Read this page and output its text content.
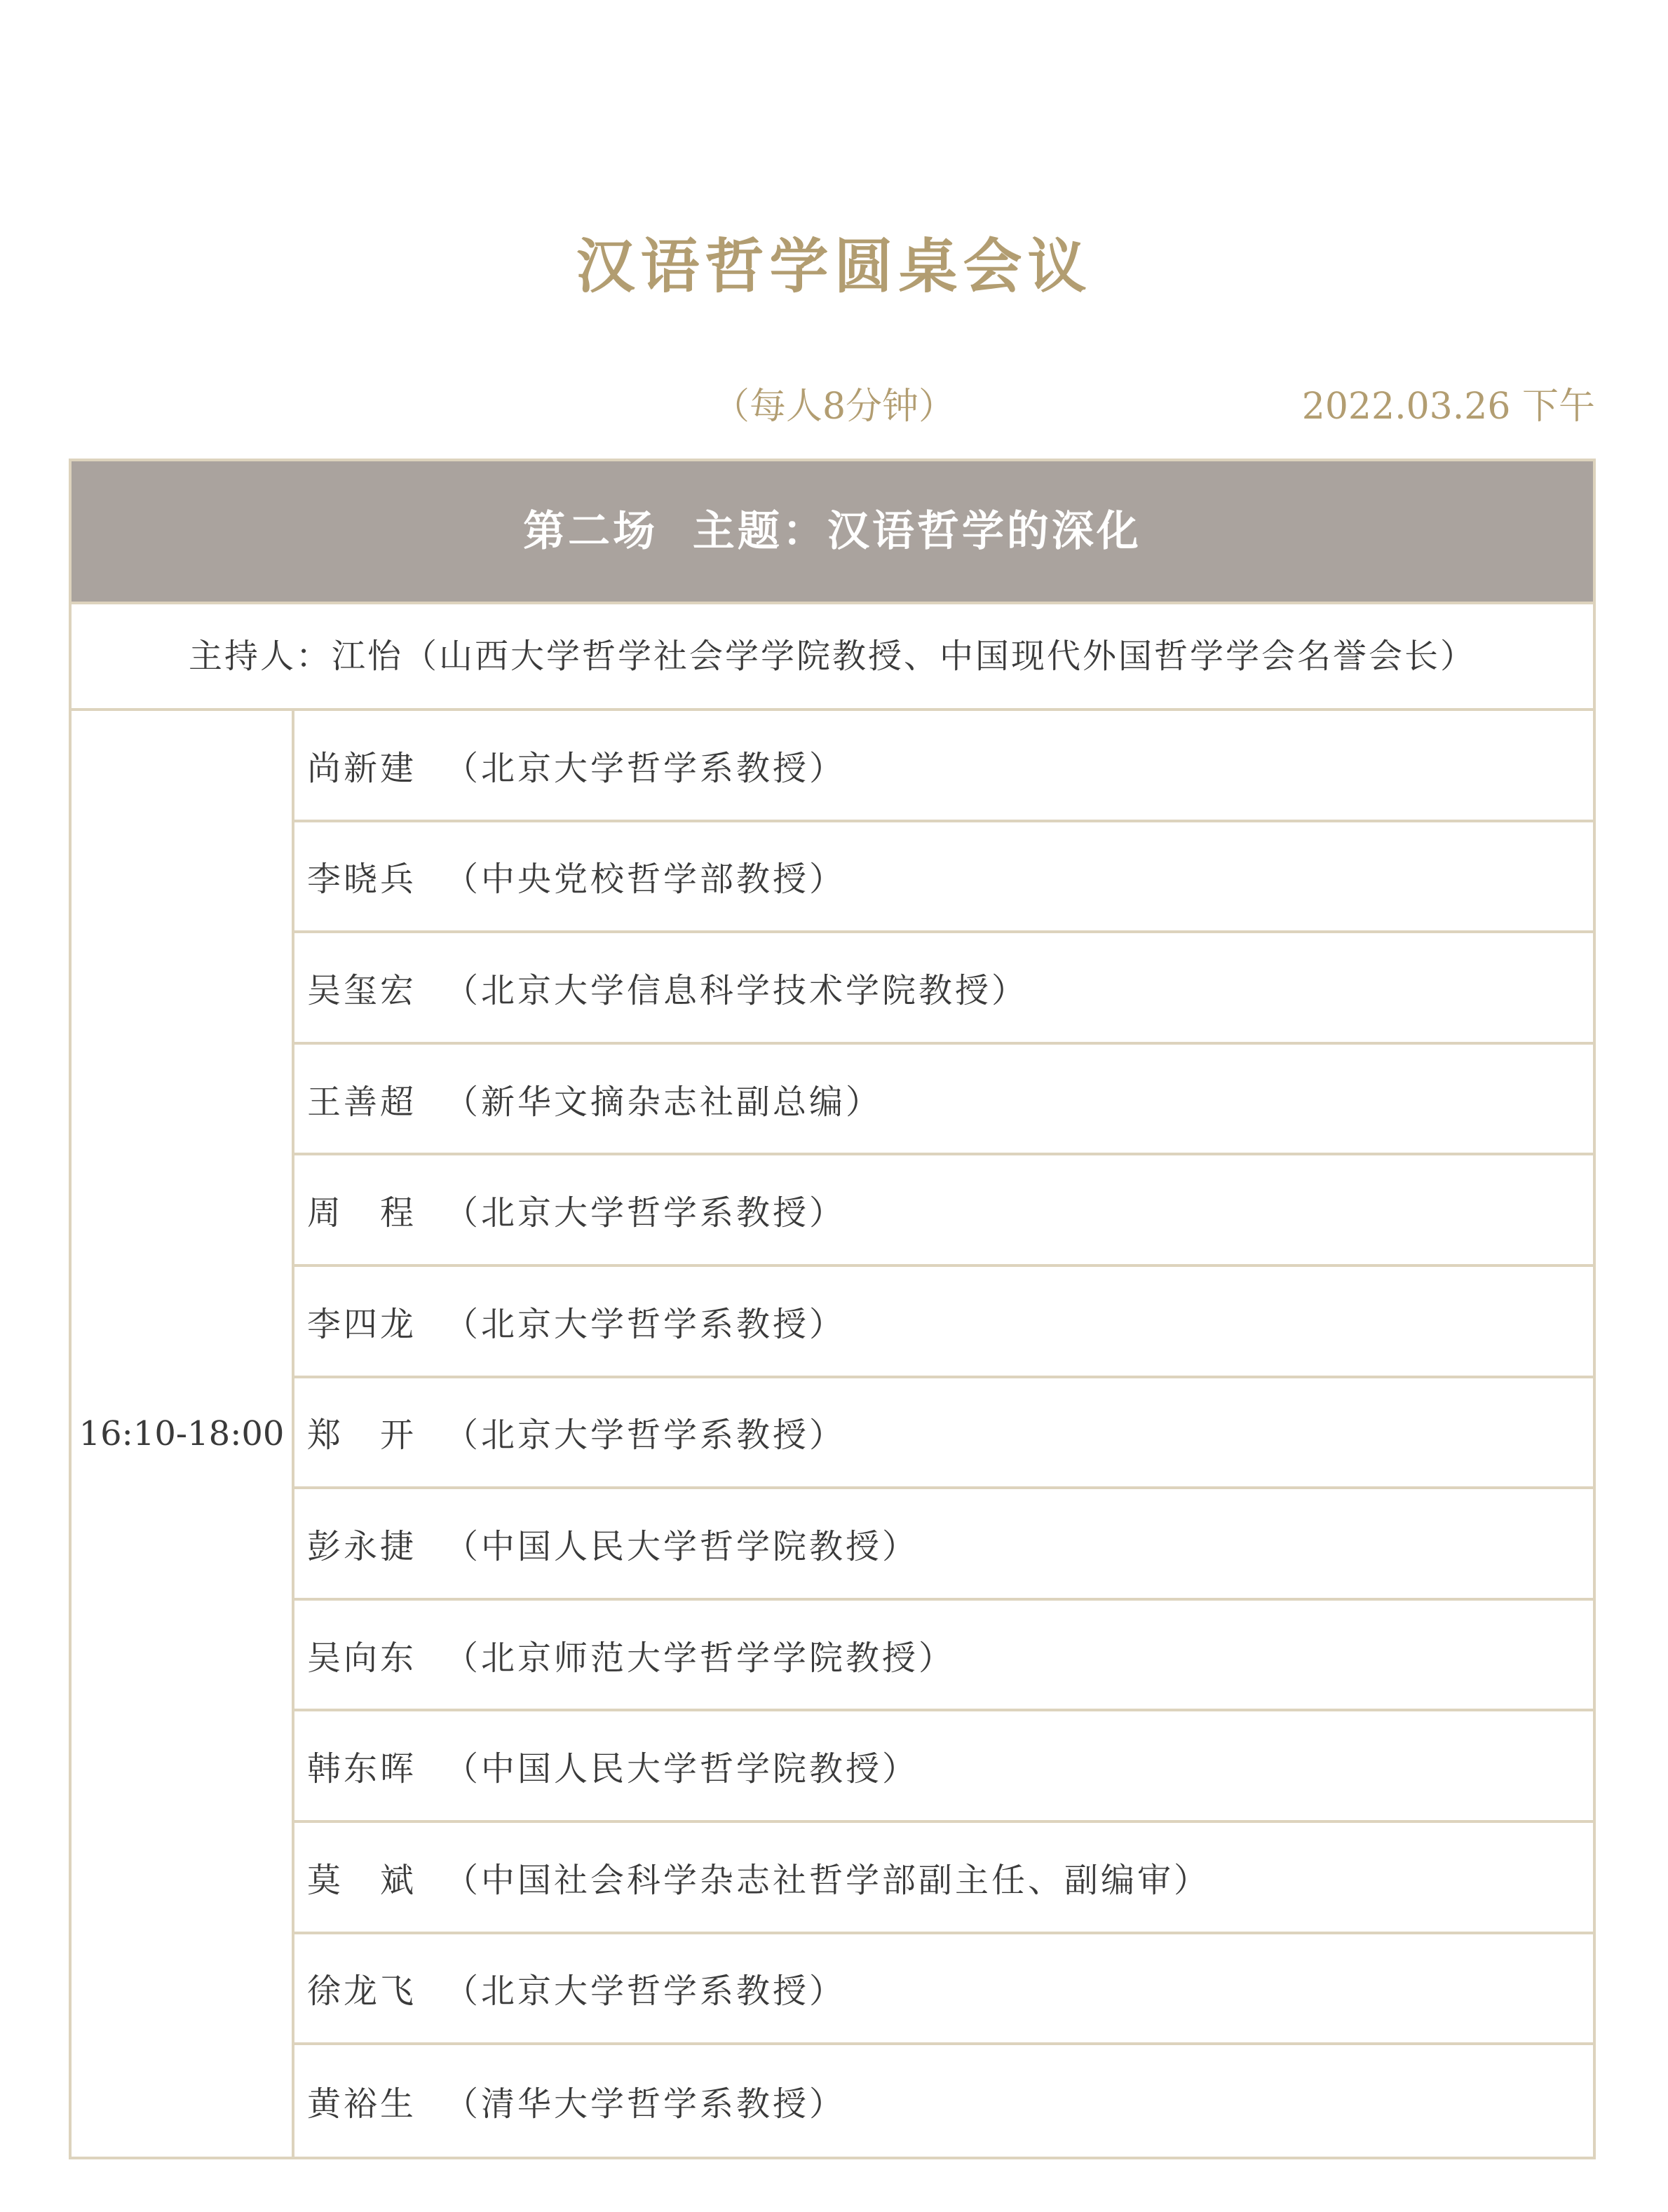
汉语哲学圆桌会议
（每人8分钟）	2022.03.26 下午
第二场  主题：汉语哲学的深化
主持人：江怡（山西大学哲学社会学学院教授、中国现代外国哲学学会名誉会长）
16:10-18:00
尚新建 （北京大学哲学系教授）
李晓兵 （中央党校哲学部教授）
吴玺宏 （北京大学信息科学技术学院教授）
王善超 （新华文摘杂志社副总编）
周　程 （北京大学哲学系教授）
李四龙 （北京大学哲学系教授）
郑　开 （北京大学哲学系教授）
彭永捷 （中国人民大学哲学院教授）
吴向东 （北京师范大学哲学学院教授）
韩东晖 （中国人民大学哲学院教授）
莫　斌 （中国社会科学杂志社哲学部副主任、副编审）
徐龙飞 （北京大学哲学系教授）
黄裕生 （清华大学哲学系教授）
